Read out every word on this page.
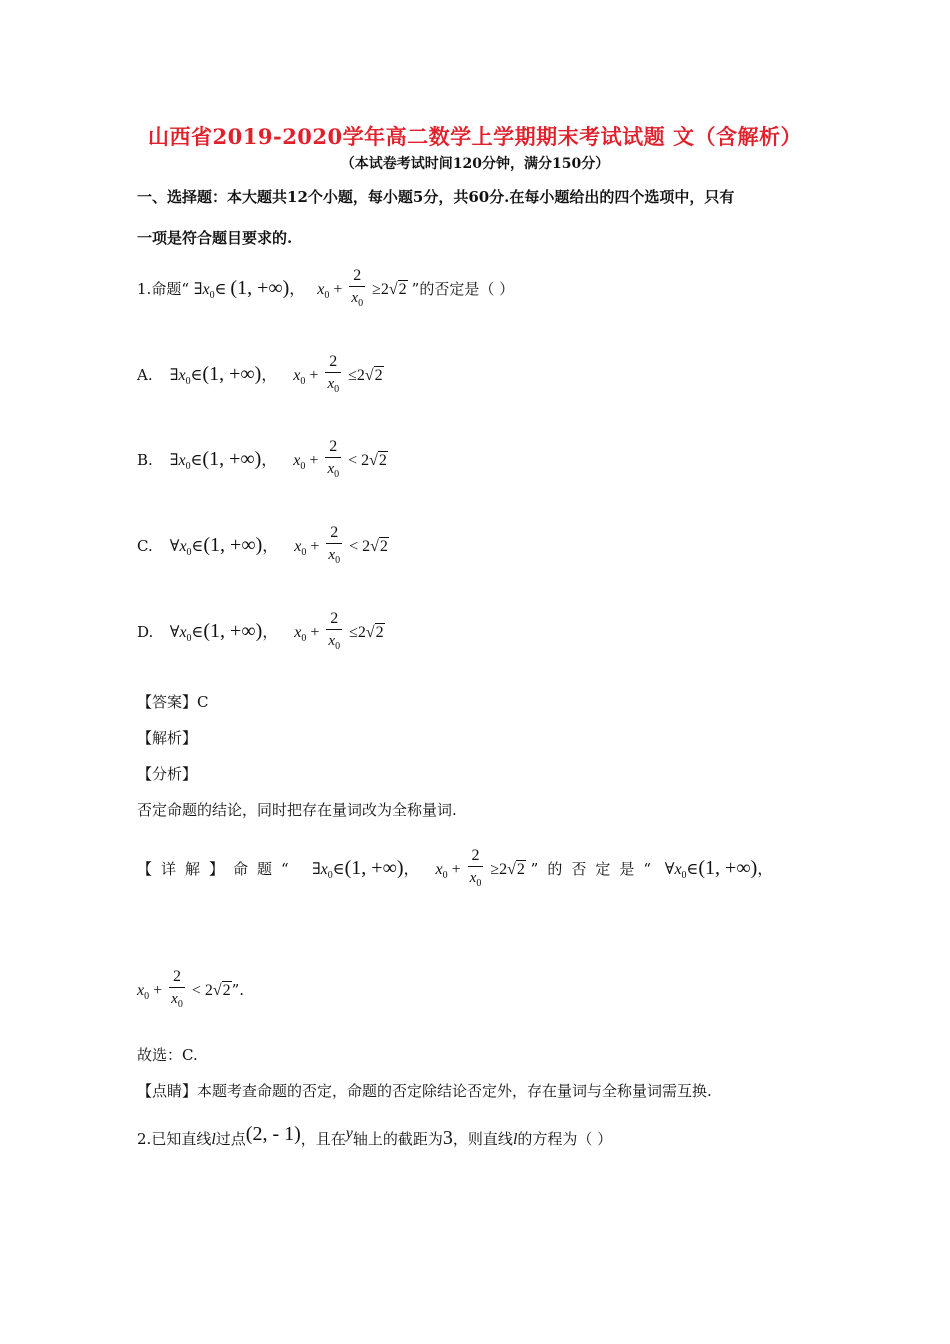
山西省2019-2020学年高二数学上学期期末考试试题 文（含解析）
（本试卷考试时间120分钟，满分150分）
一、选择题：本大题共12个小题，每小题5分，共60分.在每小题给出的四个选项中，只有
一项是符合题目要求的.
1.命题“ $\exists x_0\in$ (1, +∞)， $x_0 + \frac{2}{x_0} \ge 2√2$ ”的否定是（ ）
A. $\exists x_0\in(1$, +∞)， $x_0 + \frac{2}{x_0} \le 2√2$
B. $\exists x_0\in(1$, +∞)， $x_0 + \frac{2}{x_0} < 2√2$
C. $\forall x_0\in(1$, +∞)， $x_0 + \frac{2}{x_0} < 2√2$
D. $\forall x_0\in(1$, +∞)， $x_0 + \frac{2}{x_0} \le 2√2$
【答案】C
【解析】
【分析】
否定命题的结论，同时把存在量词改为全称量词.
【详解】命题“ $\exists x_0\in(1$, +∞)， $x_0 + \frac{2}{x_0} \ge 2√2$ ”的否定是“ $\forall x_0\in(1$, +∞)，
$x_0 + \frac{2}{x_0} < 2√2$”.
故选：C.
【点睛】本题考查命题的否定，命题的否定除结论否定外，存在量词与全称量词需互换.
2.已知直线l过点(2, - 1)，且在y轴上的截距为3，则直线l的方程为（ ）
